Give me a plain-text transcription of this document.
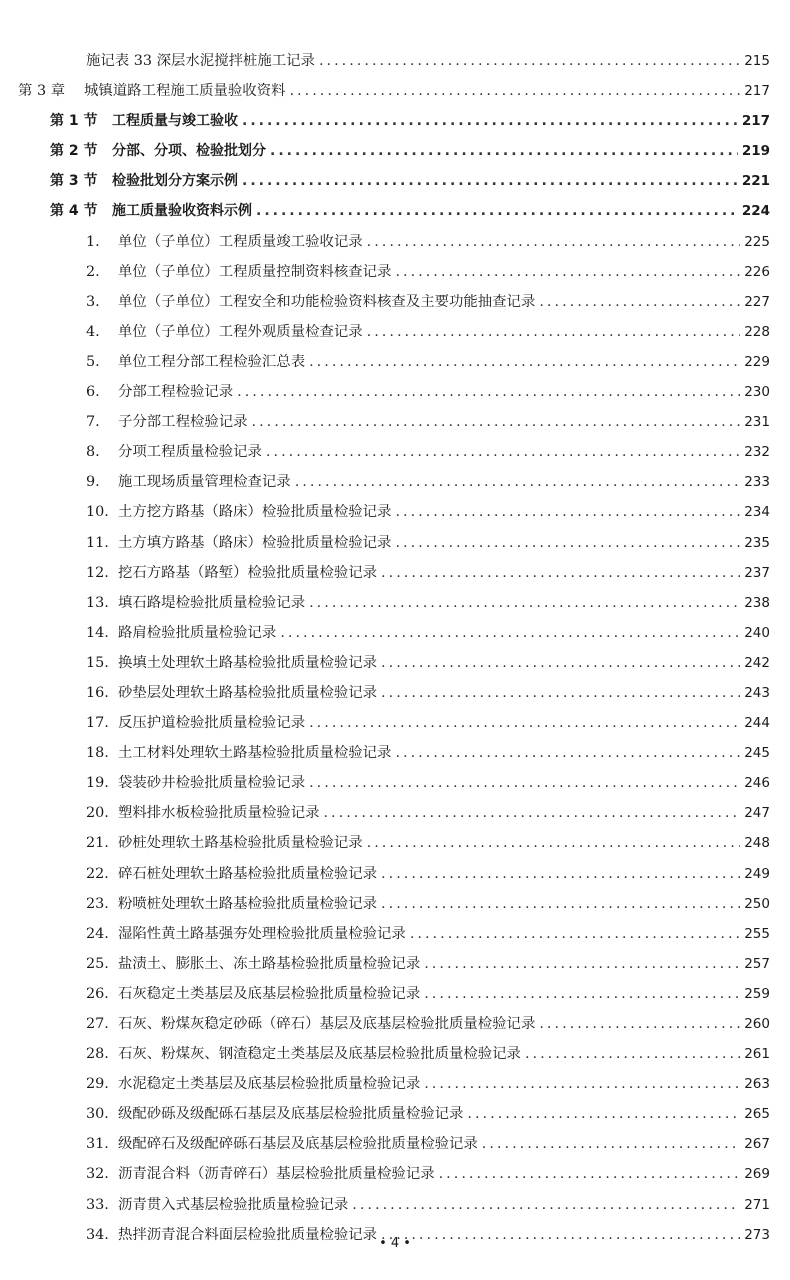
施记表 33 深层水泥搅拌桩施工记录 .....	215
第 3 章	城镇道路工程施工质量验收资料 .....	217
第 1 节	工程质量与竣工验收 .....	217
第 2 节	分部、分项、检验批划分 .....	219
第 3 节	检验批划分方案示例 .....	221
第 4 节	施工质量验收资料示例 .....	224
1.	单位（子单位）工程质量竣工验收记录 .....	225
2.	单位（子单位）工程质量控制资料核查记录 .....	226
3.	单位（子单位）工程安全和功能检验资料核查及主要功能抽查记录 .....	227
4.	单位（子单位）工程外观质量检查记录 .....	228
5.	单位工程分部工程检验汇总表 .....	229
6.	分部工程检验记录 .....	230
7.	子分部工程检验记录 .....	231
8.	分项工程质量检验记录 .....	232
9.	施工现场质量管理检查记录 .....	233
10. 土方挖方路基（路床）检验批质量检验记录 .....	234
11. 土方填方路基（路床）检验批质量检验记录 .....	235
12. 挖石方路基（路堑）检验批质量检验记录 .....	237
13. 填石路堤检验批质量检验记录 .....	238
14. 路肩检验批质量检验记录 .....	240
15. 换填土处理软土路基检验批质量检验记录 .....	242
16. 砂垫层处理软土路基检验批质量检验记录 .....	243
17. 反压护道检验批质量检验记录 .....	244
18. 土工材料处理软土路基检验批质量检验记录 .....	245
19. 袋装砂井检验批质量检验记录 .....	246
20. 塑料排水板检验批质量检验记录 .....	247
21. 砂桩处理软土路基检验批质量检验记录 .....	248
22. 碎石桩处理软土路基检验批质量检验记录 .....	249
23. 粉喷桩处理软土路基检验批质量检验记录 .....	250
24. 湿陷性黄土路基强夯处理检验批质量检验记录 .....	255
25. 盐渍土、膨胀土、冻土路基检验批质量检验记录 .....	257
26. 石灰稳定土类基层及底基层检验批质量检验记录 .....	259
27. 石灰、粉煤灰稳定砂砾（碎石）基层及底基层检验批质量检验记录 .....	260
28. 石灰、粉煤灰、钢渣稳定土类基层及底基层检验批质量检验记录 .....	261
29. 水泥稳定土类基层及底基层检验批质量检验记录 .....	263
30. 级配砂砾及级配砾石基层及底基层检验批质量检验记录 .....	265
31. 级配碎石及级配碎砾石基层及底基层检验批质量检验记录 .....	267
32. 沥青混合料（沥青碎石）基层检验批质量检验记录 .....	269
33. 沥青贯入式基层检验批质量检验记录 .....	271
34. 热拌沥青混合料面层检验批质量检验记录 .....	273
• 4 •
